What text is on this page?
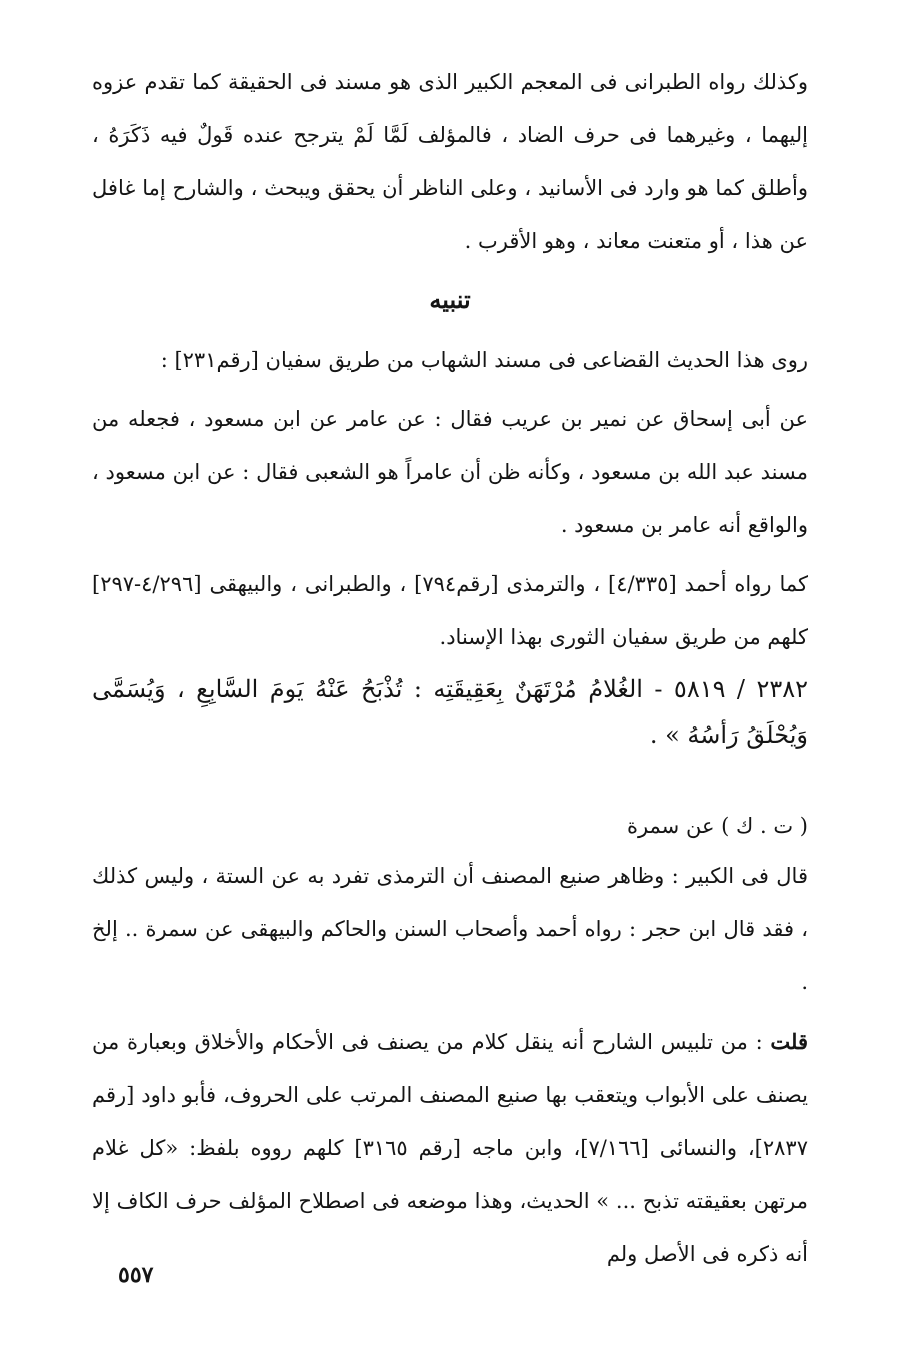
وكذلك رواه الطبرانى فى المعجم الكبير الذى هو مسند فى الحقيقة كما تقدم عزوه إليهما ، وغيرهما فى حرف الضاد ، فالمؤلف لَمَّا لَمْ يترجح عنده قَولٌ فيه ذَكَرَهُ ، وأطلق كما هو وارد فى الأسانيد ، وعلى الناظر أن يحقق ويبحث ، والشارح إما غافل عن هذا ، أو متعنت معاند ، وهو الأقرب .

تنبيه

روى هذا الحديث القضاعى فى مسند الشهاب من طريق سفيان [رقم٢٣١] :

عن أبى إسحاق عن نمير بن عريب فقال : عن عامر عن ابن مسعود ، فجعله من مسند عبد الله بن مسعود ، وكأنه ظن أن عامراً هو الشعبى فقال : عن ابن مسعود ، والواقع أنه عامر بن مسعود .

كما رواه أحمد [٤/٣٣٥] ، والترمذى [رقم٧٩٤] ، والطبرانى ، والبيهقى [٤/٢٩٦-٢٩٧] كلهم من طريق سفيان الثورى بهذا الإسناد.

٢٣٨٢ / ٥٨١٩ - الغُلامُ مُرْتَهَنٌ بِعَقِيقَتِه : تُذْبَحُ عَنْهُ يَومَ السَّابِعِ ، وَيُسَمَّى وَيُحْلَقُ رَأسُهُ » .

( ت . ك ) عن سمرة

قال فى الكبير : وظاهر صنيع المصنف أن الترمذى تفرد به عن الستة ، وليس كذلك ، فقد قال ابن حجر : رواه أحمد وأصحاب السنن والحاكم والبيهقى عن سمرة .. إلخ .

قلت : من تلبيس الشارح أنه ينقل كلام من يصنف فى الأحكام والأخلاق وبعبارة من يصنف على الأبواب ويتعقب بها صنيع المصنف المرتب على الحروف، فأبو داود [رقم ٢٨٣٧]، والنسائى [٧/١٦٦]، وابن ماجه [رقم ٣١٦٥] كلهم رووه بلفظ: «كل غلام مرتهن بعقيقته تذبح ... » الحديث، وهذا موضعه فى اصطلاح المؤلف حرف الكاف إلا أنه ذكره فى الأصل ولم

٥٥٧
